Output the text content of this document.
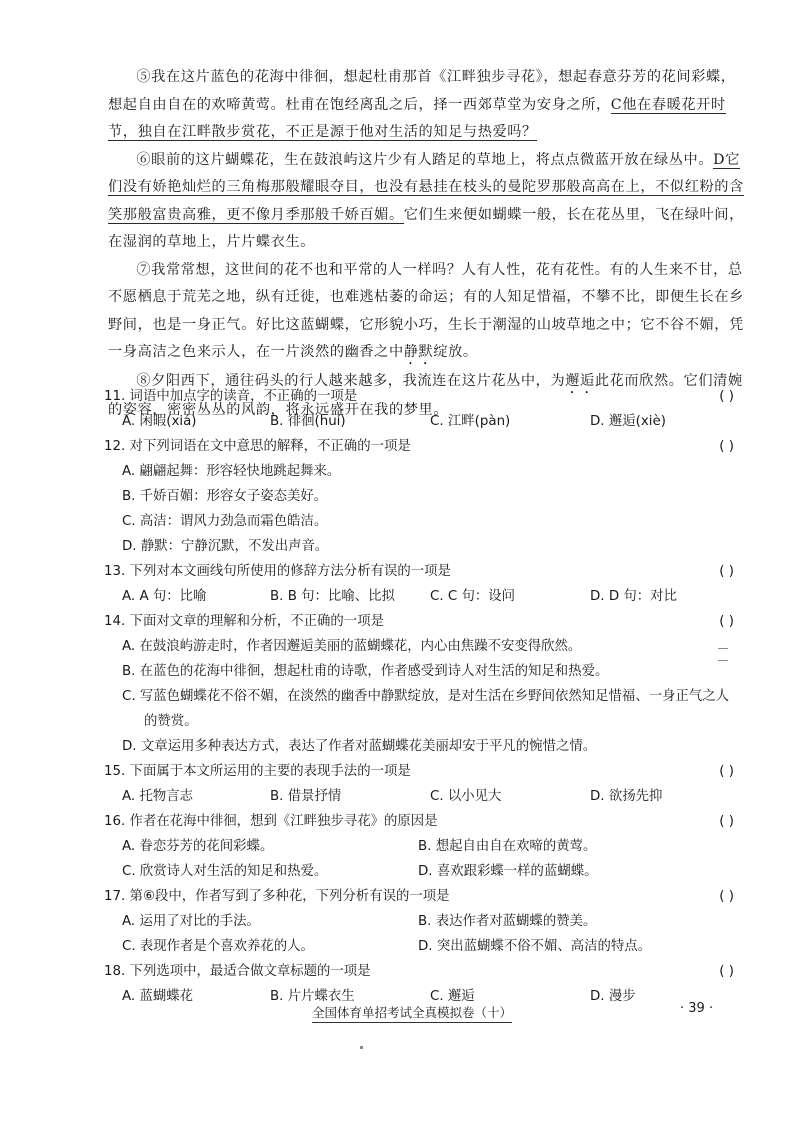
⑤我在这片蓝色的花海中徘徊，想起杜甫那首《江畔独步寻花》，想起春意芬芳的花间彩蝶，想起自由自在的欢啼黄莺。杜甫在饱经离乱之后，择一西郊草堂为安身之所，C他在春暖花开时节，独自在江畔散步赏花，不正是源于他对生活的知足与热爱吗？

⑥眼前的这片蝴蝶花，生在鼓浪屿这片少有人踏足的草地上，将点点微蓝开放在绿丛中。D它们没有娇艳灿烂的三角梅那般耀眼夺目，也没有悬挂在枝头的曼陀罗那般高高在上，不似红粉的含笑那般富贵高雅，更不像月季那般千娇百媚。它们生来便如蝴蝶一般，长在花丛里，飞在绿叶间，在湿润的草地上，片片蝶衣生。

⑦我常常想，这世间的花不也和平常的人一样吗？人有人性，花有花性。有的人生来不甘，总不愿栖息于荒芜之地，纵有迁徙，也难逃枯萎的命运；有的人知足惜福，不攀不比，即便生长在乡野间，也是一身正气。好比这蓝蝴蝶，它形貌小巧，生长于潮湿的山坡草地之中；它不谷不媚，凭一身高洁之色来示人，在一片淡然的幽香之中静默绽放。

⑧夕阳西下，通往码头的行人越来越多，我流连在这片花丛中，为邂逅此花而欣然。它们清婉的姿容，密密丛丛的风韵，将永远盛开在我的梦里。

11. 词语中加点字的读音，不正确的一项是	( )
A. 闲暇(xiá)	B. 徘徊(huí)	C. 江畔(pàn)	D. 邂逅(xiè)
12. 对下列词语在文中意思的解释，不正确的一项是	( )
A. 翩翩起舞：形容轻快地跳起舞来。
B. 千娇百媚：形容女子姿态美好。
C. 高洁：谓风力劲急而霜色皓洁。
D. 静默：宁静沉默，不发出声音。
13. 下列对本文画线句所使用的修辞方法分析有误的一项是	( )
A. A 句：比喻	B. B 句：比喻、比拟	C. C 句：设问	D. D 句：对比
14. 下面对文章的理解和分析，不正确的一项是	( )
A. 在鼓浪屿游走时，作者因邂逅美丽的蓝蝴蝶花，内心由焦躁不安变得欣然。
B. 在蓝色的花海中徘徊，想起杜甫的诗歌，作者感受到诗人对生活的知足和热爱。
C. 写蓝色蝴蝶花不俗不媚，在淡然的幽香中静默绽放，是对生活在乡野间依然知足惜福、一身正气之人的赞赏。
D. 文章运用多种表达方式，表达了作者对蓝蝴蝶花美丽却安于平凡的惋惜之情。
15. 下面属于本文所运用的主要的表现手法的一项是	( )
A. 托物言志	B. 借景抒情	C. 以小见大	D. 欲扬先抑
16. 作者在花海中徘徊，想到《江畔独步寻花》的原因是	( )
A. 眷恋芬芳的花间彩蝶。	B. 想起自由自在欢啼的黄莺。
C. 欣赏诗人对生活的知足和热爱。	D. 喜欢跟彩蝶一样的蓝蝴蝶。
17. 第⑥段中，作者写到了多种花，下列分析有误的一项是	( )
A. 运用了对比的手法。	B. 表达作者对蓝蝴蝶的赞美。
C. 表现作者是个喜欢养花的人。	D. 突出蓝蝴蝶不俗不媚、高洁的特点。
18. 下列选项中，最适合做文章标题的一项是	( )
A. 蓝蝴蝶花	B. 片片蝶衣生	C. 邂逅	D. 漫步
全国体育单招考试全真模拟卷（十）	· 39 ·
